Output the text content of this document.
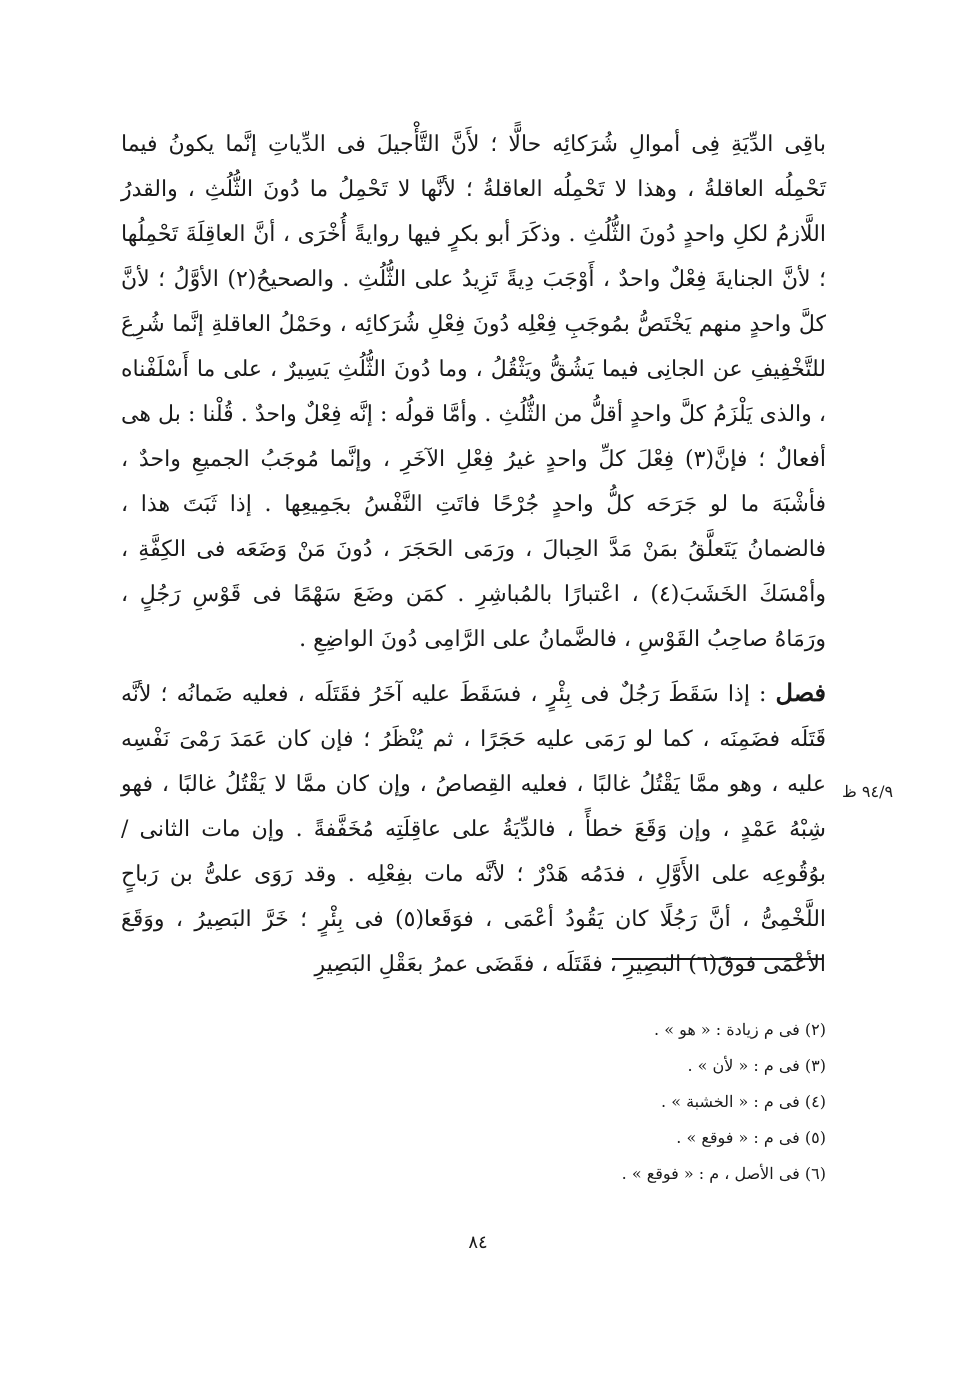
باقِى الدِّيَةِ فِى أموالِ شُرَكائِه حالًّا ؛ لأَنَّ التَّأْجيلَ فى الدِّياتِ إنَّما يكونُ فيما تَحْمِلُه العاقلةُ ، وهذا لا تَحْمِلُه العاقلةُ ؛ لأنَّها لا تَحْمِلُ ما دُونَ الثُّلُثِ ، والقدرُ اللَّازمُ لكلِ واحدٍ دُونَ الثُّلُثِ . وذكَرَ أبو بكرٍ فيها روايةً أُخْرَى ، أنَّ العاقِلَةَ تَحْمِلُها ؛ لأنَّ الجنايةَ فِعْلٌ واحدٌ ، أَوْجَبَ دِيةً تَزِيدُ على الثُّلُثِ . والصحيحُ(٢) الأوَّلُ ؛ لأنَّ كلَّ واحدٍ منهم يَخْتَصُّ بمُوجَبِ فِعْلِه دُونَ فِعْلِ شُرَكائِه ، وحَمْلُ العاقلةِ إنَّما شُرِعَ للتَّخْفِيفِ عن الجانِى فيما يَشُقُّ ويَثْقُلُ ، وما دُونَ الثُّلُثِ يَسِيرٌ ، على ما أَسْلَفْناه ، والذى يَلْزَمُ كلَّ واحدٍ أقلُّ من الثُّلُثِ . وأمَّا قولُه : إنَّه فِعْلٌ واحدٌ . قُلْنا : بل هى أفعالٌ ؛ فإنَّ(٣) فِعْلَ كلِّ واحدٍ غيرُ فِعْلِ الآخَرِ ، وإنَّما مُوجَبُ الجميعِ واحدٌ ، فأشْبَهَ ما لو جَرَحَه كلُّ واحدٍ جُرْحًا فاتَتِ النَّفْسُ بجَمِيعِها . إذا ثَبَتَ هذا ، فالضمانُ يَتَعلَّقُ بمَنْ مَدَّ الحِبالَ ، ورَمَى الحَجَرَ ، دُونَ مَنْ وَضَعَه فى الكِفَّةِ ، وأمْسَكَ الخَشَبَ(٤) ، اعْتبارًا بالمُباشِرِ . كمَن وضَعَ سَهْمًا فى قَوْسِ رَجُلٍ ، ورَمَاهُ صاحِبُ القَوْسِ ، فالضَّمانُ على الرَّامِى دُونَ الواضِعِ .

فصل : إذا سَقَطَ رَجُلٌ فى بِئْرٍ ، فسَقَطَ عليه آخَرُ فقَتَلَه ، فعليه ضَمانُه ؛ لأنَّه قَتَلَه فضَمِنَه ، كما لو رَمَى عليه حَجَرًا ، ثم يُنْظَرُ ؛ فإن كان عَمَدَ رَمْىَ نَفْسِه عليه ، وهو ممَّا يَقْتُلُ غالبًا ، فعليه القِصاصُ ، وإن كان ممَّا لا يَقْتُلُ غالبًا ، فهو شِبْهُ عَمْدٍ ، وإن وَقَعَ خطأً ، فالدِّيَةُ على عاقِلَتِه مُخَفَّفةً . وإن مات الثانى / بوُقُوعِه على الأَوَّلِ ، فدَمُه هَدْرٌ ؛ لأنَّه مات بفِعْلِه . وقد رَوَى علىُّ بن رَباحٍ اللَّخْمِىُّ ، أنَّ رَجُلًا كان يَقُودُ أعْمَى ، فوَقَعا(٥) فى بِئْرٍ ؛ خَرَّ البَصِيرُ ، ووَقَعَ الأعْمَى فوقَ(٦) البَصِيرِ ، فقَتَلَه ، فقَضَى عمرُ بعَقْلِ البَصِيرِ

٩٤/٩ ظ
(٢) فى م زيادة : « هو » .
(٣) فى م : « لأن » .
(٤) فى م : « الخشبة » .
(٥) فى م : « فوقع » .
(٦) فى الأصل ، م : « فوقع » .
٨٤
